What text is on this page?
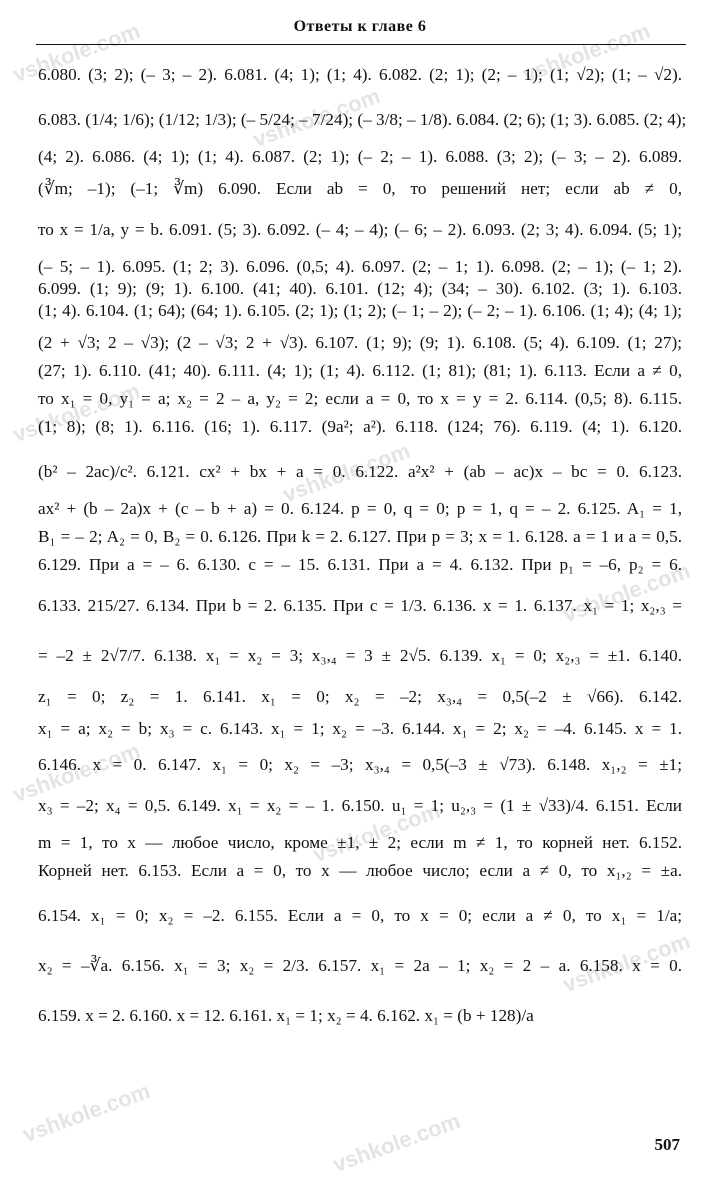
vshkole.com
vshkole.com
vshkole.com
vshkole.com
vshkole.com
vshkole.com
vshkole.com
vshkole.com
vshkole.com
vshkole.com	vshkole.com
Ответы к главе 6
6.080. (3; 2); (– 3; – 2). 6.081. (4; 1); (1; 4). 6.082. (2; 1); (2; – 1); (1; √2); (1; – √2).
6.083. (1/4; 1/6); (1/12; 1/3); (– 5/24; – 7/24); (– 3/8; – 1/8). 6.084. (2; 6); (1; 3). 6.085. (2; 4);
(4; 2). 6.086. (4; 1); (1; 4). 6.087. (2; 1); (– 2; – 1). 6.088. (3; 2); (– 3; – 2). 6.089.
(∛m; –1); (–1; ∛m) 6.090. Если ab = 0, то решений нет; если ab ≠ 0,
то x = 1/a, y = b. 6.091. (5; 3). 6.092. (– 4; – 4); (– 6; – 2). 6.093. (2; 3; 4). 6.094. (5; 1);
(– 5; – 1). 6.095. (1; 2; 3). 6.096. (0,5; 4). 6.097. (2; – 1; 1). 6.098. (2; – 1); (– 1; 2).
6.099. (1; 9); (9; 1). 6.100. (41; 40). 6.101. (12; 4); (34; – 30). 6.102. (3; 1). 6.103.
(1; 4). 6.104. (1; 64); (64; 1). 6.105. (2; 1); (1; 2); (– 1; – 2); (– 2; – 1). 6.106. (1; 4); (4; 1);
(2 + √3; 2 – √3); (2 – √3; 2 + √3). 6.107. (1; 9); (9; 1). 6.108. (5; 4). 6.109. (1; 27);
(27; 1). 6.110. (41; 40). 6.111. (4; 1); (1; 4). 6.112. (1; 81); (81; 1). 6.113. Если a ≠ 0,
то x₁ = 0, y₁ = a; x₂ = 2 – a, y₂ = 2; если a = 0, то x = y = 2. 6.114. (0,5; 8). 6.115.
(1; 8); (8; 1). 6.116. (16; 1). 6.117. (9a²; a²). 6.118. (124; 76). 6.119. (4; 1). 6.120.
(b² – 2ac)/c². 6.121. cx² + bx + a = 0. 6.122. a²x² + (ab – ac)x – bc = 0. 6.123.
ax² + (b – 2a)x + (c – b + a) = 0. 6.124. p = 0, q = 0; p = 1, q = – 2. 6.125. A₁ = 1,
B₁ = – 2; A₂ = 0, B₂ = 0. 6.126. При k = 2. 6.127. При p = 3; x = 1. 6.128. a = 1 и a = 0,5.
6.129. При a = – 6. 6.130. c = – 15. 6.131. При a = 4. 6.132. При p₁ = –6, p₂ = 6.
6.133. 215/27. 6.134. При b = 2. 6.135. При c = 1/3. 6.136. x = 1. 6.137. x₁ = 1; x₂,₃ =
= –2 ± 2√7/7. 6.138. x₁ = x₂ = 3; x₃,₄ = 3 ± 2√5. 6.139. x₁ = 0; x₂,₃ = ±1. 6.140.
z₁ = 0; z₂ = 1. 6.141. x₁ = 0; x₂ = –2; x₃,₄ = 0,5(–2 ± √66). 6.142.
x₁ = a; x₂ = b; x₃ = c. 6.143. x₁ = 1; x₂ = –3. 6.144. x₁ = 2; x₂ = –4. 6.145. x = 1.
6.146. x = 0. 6.147. x₁ = 0; x₂ = –3; x₃,₄ = 0,5(–3 ± √73). 6.148. x₁,₂ = ±1;
x₃ = –2; x₄ = 0,5. 6.149. x₁ = x₂ = – 1. 6.150. u₁ = 1; u₂,₃ = (1 ± √33)/4. 6.151. Если
m = 1, то x — любое число, кроме ±1, ± 2; если m ≠ 1, то корней нет. 6.152.
Корней нет. 6.153. Если a = 0, то x — любое число; если a ≠ 0, то x₁,₂ = ±a.
6.154. x₁ = 0; x₂ = –2. 6.155. Если a = 0, то x = 0; если a ≠ 0, то x₁ = 1/a;
x₂ = –∛a. 6.156. x₁ = 3; x₂ = 2/3. 6.157. x₁ = 2a – 1; x₂ = 2 – a. 6.158. x = 0.
6.159. x = 2. 6.160. x = 12. 6.161. x₁ = 1; x₂ = 4. 6.162. x₁ = (b + 128)/a
507
